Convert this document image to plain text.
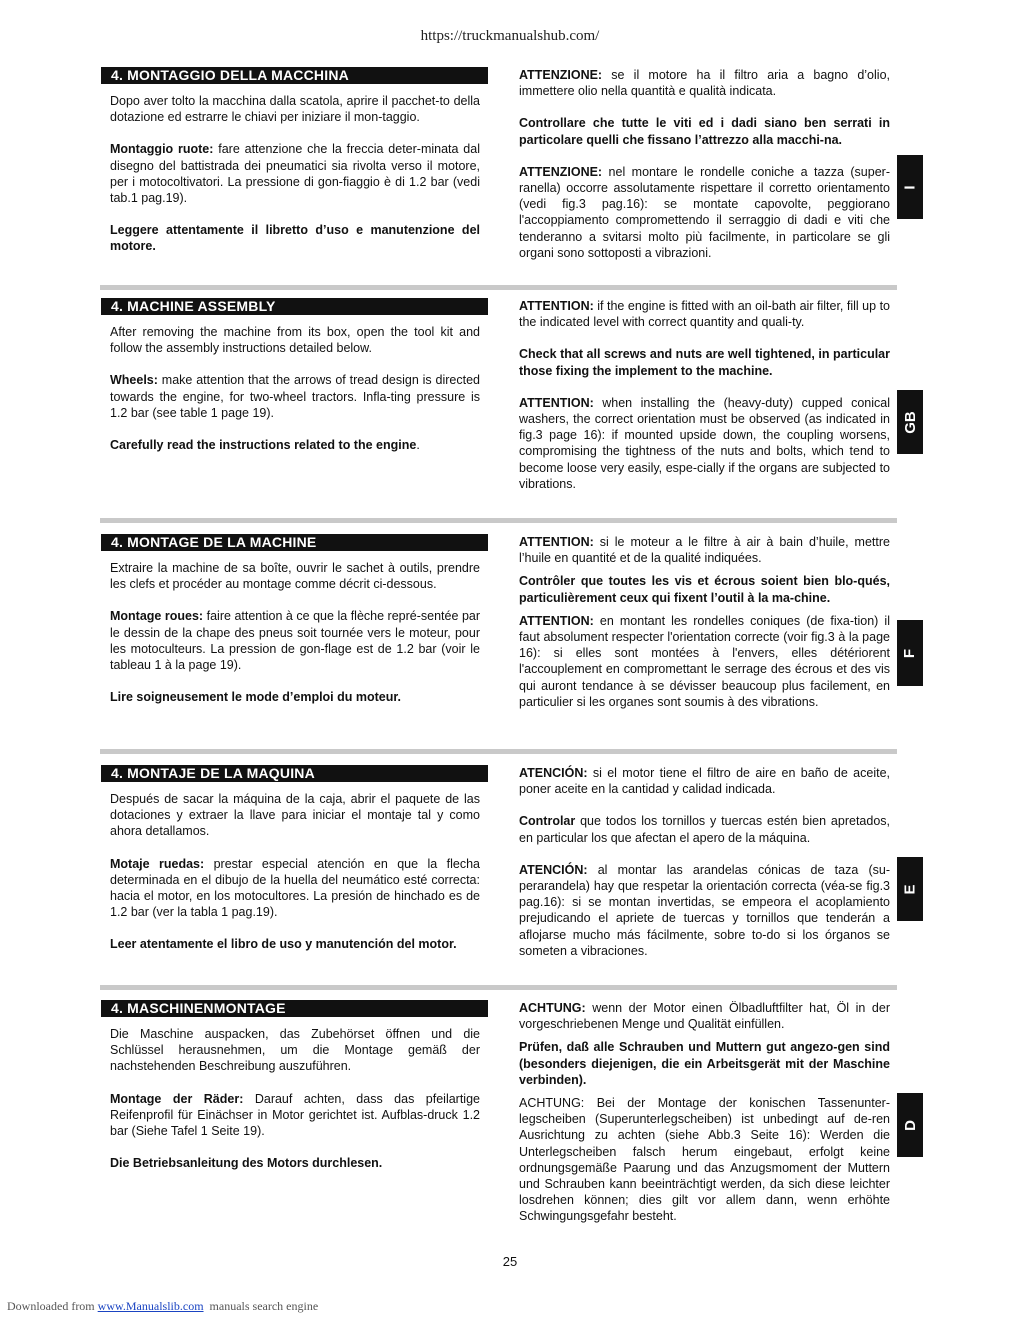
https://truckmanualshub.com/
4. MONTAGGIO DELLA MACCHINA

Dopo aver tolto la macchina dalla scatola, aprire il pacchet-to della dotazione ed estrarre le chiavi per iniziare il mon-taggio.

Montaggio ruote: fare attenzione che la freccia deter-minata dal disegno del battistrada dei pneumatici sia rivolta verso il motore, per i motocoltivatori. La pressione di gon-fiaggio è di 1.2 bar (vedi tab.1 pag.19).

Leggere attentamente il libretto d’uso e manutenzione del motore.

ATTENZIONE: se il motore ha il filtro aria a bagno d’olio, immettere olio nella quantità e qualità indicata.

Controllare che tutte le viti ed i dadi siano ben serrati in particolare quelli che fissano l’attrezzo alla macchi-na.

ATTENZIONE: nel montare le rondelle coniche a tazza (super-ranella) occorre assolutamente rispettare il corretto orientamento (vedi fig.3 pag.16): se montate capovolte, peggiorano l'accoppiamento compromettendo il serraggio di dadi e viti che tenderanno a svitarsi molto più facilmente, in particolare se gli organi sono sottoposti a vibrazioni.

I
4. MACHINE ASSEMBLY

After removing the machine from its box, open the tool kit and follow the assembly instructions detailed below.

Wheels: make attention that the arrows of tread design is directed towards the engine, for two-wheel tractors. Infla-ting pressure is 1.2 bar (see table 1 page 19).

Carefully read the instructions related to the engine.

ATTENTION: if the engine is fitted with an oil-bath air filter, fill up to the indicated level with correct quantity and quali-ty.

Check that all screws and nuts are well tightened, in particular those fixing the implement to the machine.

ATTENTION: when installing the (heavy-duty) cupped conical washers, the correct orientation must be observed (as indicated in fig.3 page 16): if mounted upside down, the coupling worsens, compromising the tightness of the nuts and bolts, which tend to become loose very easily, espe-cially if the organs are subjected to vibrations.

GB
4. MONTAGE DE LA MACHINE

Extraire la machine de sa boîte, ouvrir le sachet à outils, prendre les clefs et procéder au montage comme décrit ci-dessous.

Montage roues: faire attention à ce que la flèche repré-sentée par le dessin de la chape des pneus soit tournée vers le moteur, pour les motoculteurs. La pression de gon-flage est de 1.2 bar (voir le tableau 1 à la page 19).

Lire soigneusement le mode d’emploi du moteur.

ATTENTION: si le moteur a le filtre à air à bain d’huile, mettre l’huile en quantité et de la qualité indiquées.

Contrôler que toutes les vis et écrous soient bien blo-qués, particulièrement ceux qui fixent l’outil à la ma-chine.

ATTENTION: en montant les rondelles coniques (de fixa-tion) il faut absolument respecter l'orientation correcte (voir fig.3 à la page 16): si elles sont montées à l'envers, elles détériorent l'accouplement en compromettant le serrage des écrous et des vis qui auront tendance à se dévisser beaucoup plus facilement, en particulier si les organes sont soumis à des vibrations.

F
4. MONTAJE DE LA MAQUINA

Después de sacar la máquina de la caja, abrir el paquete de las dotaciones y extraer la llave para iniciar el montaje tal y como ahora detallamos.

Motaje ruedas: prestar especial atención en que la flecha determinada en el dibujo de la huella del neumático esté correcta: hacia el motor, en los motocultores. La presión de hinchado es de 1.2 bar (ver la tabla 1 pag.19).

Leer atentamente el libro de uso y manutención del motor.

ATENCIÓN: si el motor tiene el filtro de aire en baño de aceite, poner aceite en la cantidad y calidad indicada.

Controlar que todos los tornillos y tuercas estén bien apretados, en particular los que afectan el apero de la máquina.

ATENCIÓN: al montar las arandelas cónicas de taza (su-perarandela) hay que respetar la orientación correcta (véa-se fig.3 pag.16): si se montan invertidas, se empeora el acoplamiento prejudicando el apriete de tuercas y tornillos que tenderán a aflojarse mucho más fácilmente, sobre to-do si los órganos se someten a vibraciones.

E
4. MASCHINENMONTAGE

Die Maschine auspacken, das Zubehörset öffnen und die Schlüssel herausnehmen, um die Montage gemäß der nachstehenden Beschreibung auszuführen.

Montage der Räder: Darauf achten, dass das pfeilartige Reifenprofil für Einächser in Motor gerichtet ist. Aufblas-druck 1.2 bar (Siehe Tafel 1 Seite 19).

Die Betriebsanleitung des Motors durchlesen.

ACHTUNG: wenn der Motor einen Ölbadluftfilter hat, Öl in der vorgeschriebenen Menge und Qualität einfüllen.

Prüfen, daß alle Schrauben und Muttern gut angezo-gen sind (besonders diejenigen, die ein Arbeitsgerät mit der Maschine verbinden).

ACHTUNG: Bei der Montage der konischen Tassenunter-legscheiben (Superunterlegscheiben) ist unbedingt auf de-ren Ausrichtung zu achten (siehe Abb.3 Seite 16): Werden die Unterlegscheiben falsch herum eingebaut, erfolgt keine ordnungsgemäße Paarung und das Anzugsmoment der Muttern und Schrauben kann beeinträchtigt werden, da sich diese leichter losdrehen können; dies gilt vor allem dann, wenn erhöhte Schwingungsgefahr besteht.

D
25
Downloaded from www.Manualslib.com  manuals search engine
